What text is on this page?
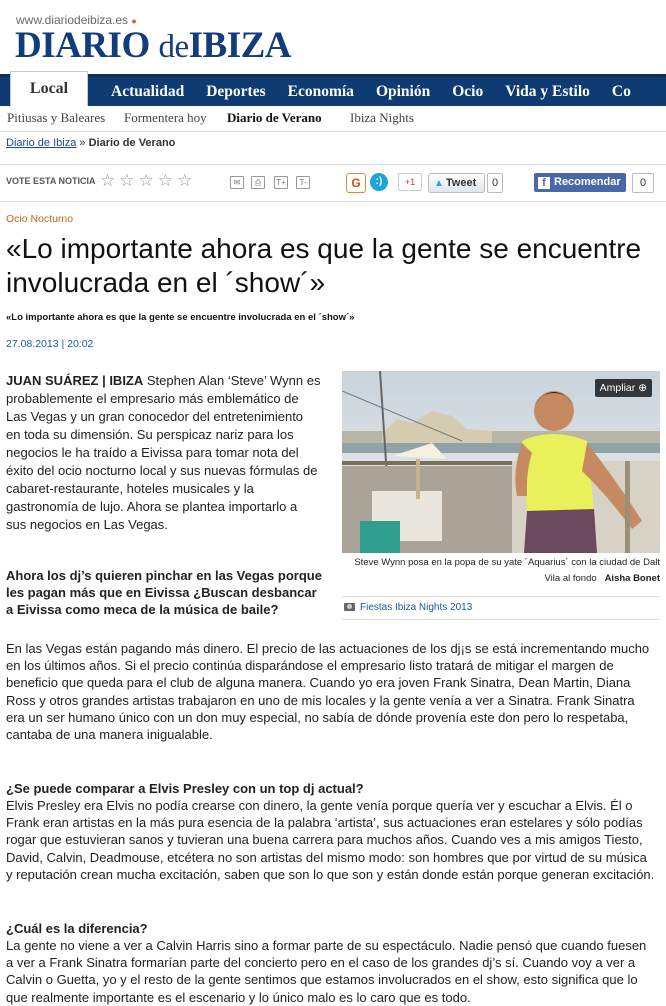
www.diariodeibiza.es ●
DIARIO deIBIZA
Local	Actualidad	Deportes	Economía	Opinión	Ocio	Vida y Estilo	Co
Pitiusas y Baleares Formentera hoy Diario de Verano Ibiza Nights
Diario de Ibiza » Diario de Verano
VOTE ESTA NOTICIA ☆☆☆☆☆	✉	⎙	T+	T-	G	:)	+1	▲ Tweet	0	f Recomendar	0
Ocio Nocturno
«Lo importante ahora es que la gente se encuentre involucrada en el ´show´»
«Lo importante ahora es que la gente se encuentre involucrada en el ´show´»
27.08.2013 | 20:02

JUAN SUÁREZ | IBIZA Stephen Alan ‘Steve’ Wynn es probablemente el empresario más emblemático de Las Vegas y un gran conocedor del entretenimiento en toda su dimensión. Su perspicaz nariz para los negocios le ha traído a Eivissa para tomar nota del éxito del ocio nocturno local y sus nuevas fórmulas de cabaret-restaurante, hoteles musicales y la gastronomía de lujo. Ahora se plantea importarlo a sus negocios en Las Vegas.

Ampliar ⊕
Steve Wynn posa en la popa de su yate ´Aquarius´ con la ciudad de Dalt Vila al fondo Aisha Bonet
Fiestas Ibiza Nights 2013

Ahora los dj’s quieren pinchar en las Vegas porque les pagan más que en Eivissa ¿Buscan desbancar a Eivissa como meca de la música de baile?

En las Vegas están pagando más dinero. El precio de las actuaciones de los dj¡s se está incrementando mucho en los últimos años. Si el precio continúa disparándose el empresario listo tratará de mitigar el margen de beneficio que queda para el club de alguna manera. Cuando yo era joven Frank Sinatra, Dean Martin, Diana Ross y otros grandes artistas trabajaron en uno de mis locales y la gente venía a ver a Sinatra. Frank Sinatra era un ser humano único con un don muy especial, no sabía de dónde provenía este don pero lo respetaba, cantaba de una manera inigualable.

¿Se puede comparar a Elvis Presley con un top dj actual?

Elvis Presley era Elvis no podía crearse con dinero, la gente venía porque quería ver y escuchar a Elvis. Él o Frank eran artistas en la más pura esencia de la palabra ‘artista’, sus actuaciones eran estelares y sólo podías rogar que estuvieran sanos y tuvieran una buena carrera para muchos años. Cuando ves a mis amigos Tiesto, David, Calvin, Deadmouse, etcétera no son artistas del mismo modo: son hombres que por virtud de su música y reputación crean mucha excitación, saben que son lo que son y están donde están porque generan excitación.

¿Cuál es la diferencia?

La gente no viene a ver a Calvin Harris sino a formar parte de su espectáculo. Nadie pensó que cuando fuesen a ver a Frank Sinatra formarían parte del concierto pero en el caso de los grandes dj’s sí. Cuando voy a ver a Calvin o Guetta, yo y el resto de la gente sentimos que estamos involucrados en el show, esto significa que lo que realmente importante es el escenario y lo único malo es lo caro que es todo.
